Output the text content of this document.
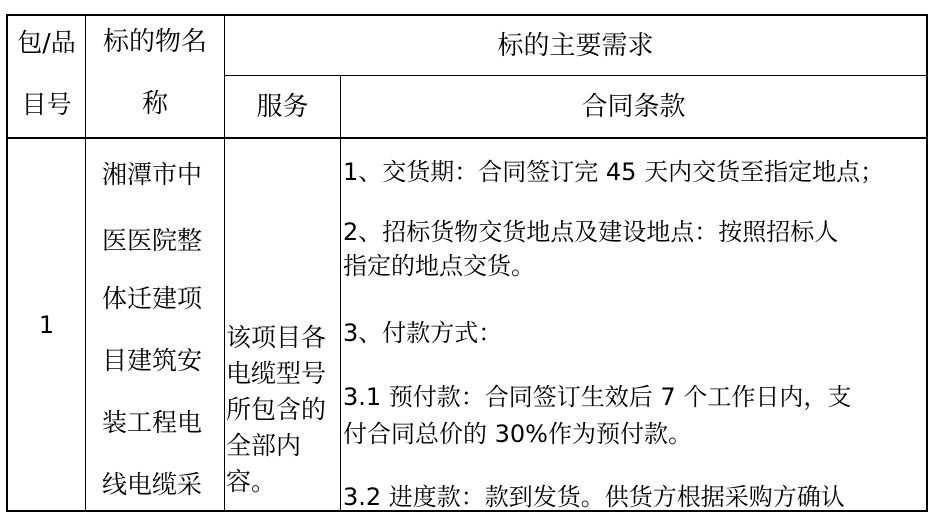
包/品
目号
标的物名
称
标的主要需求
服务	合同条款
1
湘潭市中
医医院整
体迁建项
目建筑安
装工程电
线电缆采
该项目各
电缆型号
所包含的
全部内
容。
1、交货期：合同签订完 45 天内交货至指定地点；
2、招标货物交货地点及建设地点：按照招标人
指定的地点交货。
3、付款方式：
3.1 预付款：合同签订生效后 7 个工作日内，支
付合同总价的 30%作为预付款。
3.2 进度款：款到发货。供货方根据采购方确认
